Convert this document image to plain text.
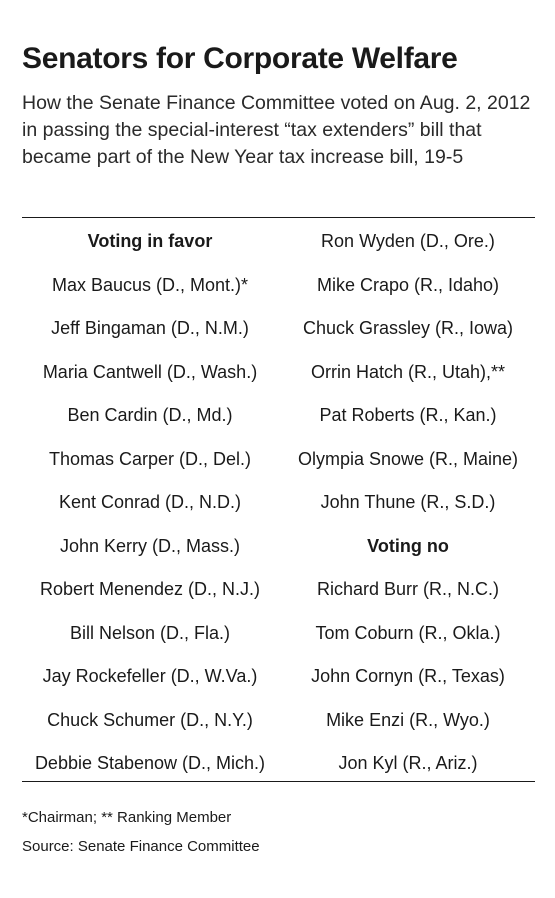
Senators for Corporate Welfare
How the Senate Finance Committee voted on Aug. 2, 2012 in passing the special-interest “tax extenders” bill that became part of the New Year tax increase bill, 19-5
Voting in favor
Max Baucus (D., Mont.)*
Jeff Bingaman (D., N.M.)
Maria Cantwell (D., Wash.)
Ben Cardin (D., Md.)
Thomas Carper (D., Del.)
Kent Conrad (D., N.D.)
John Kerry (D., Mass.)
Robert Menendez (D., N.J.)
Bill Nelson (D., Fla.)
Jay Rockefeller (D., W.Va.)
Chuck Schumer (D., N.Y.)
Debbie Stabenow (D., Mich.)
Ron Wyden (D., Ore.)
Mike Crapo (R., Idaho)
Chuck Grassley (R., Iowa)
Orrin Hatch (R., Utah),**
Pat Roberts (R., Kan.)
Olympia Snowe (R., Maine)
John Thune (R., S.D.)
Voting no
Richard Burr (R., N.C.)
Tom Coburn (R., Okla.)
John Cornyn (R., Texas)
Mike Enzi (R., Wyo.)
Jon Kyl (R., Ariz.)
*Chairman; ** Ranking Member
Source: Senate Finance Committee
